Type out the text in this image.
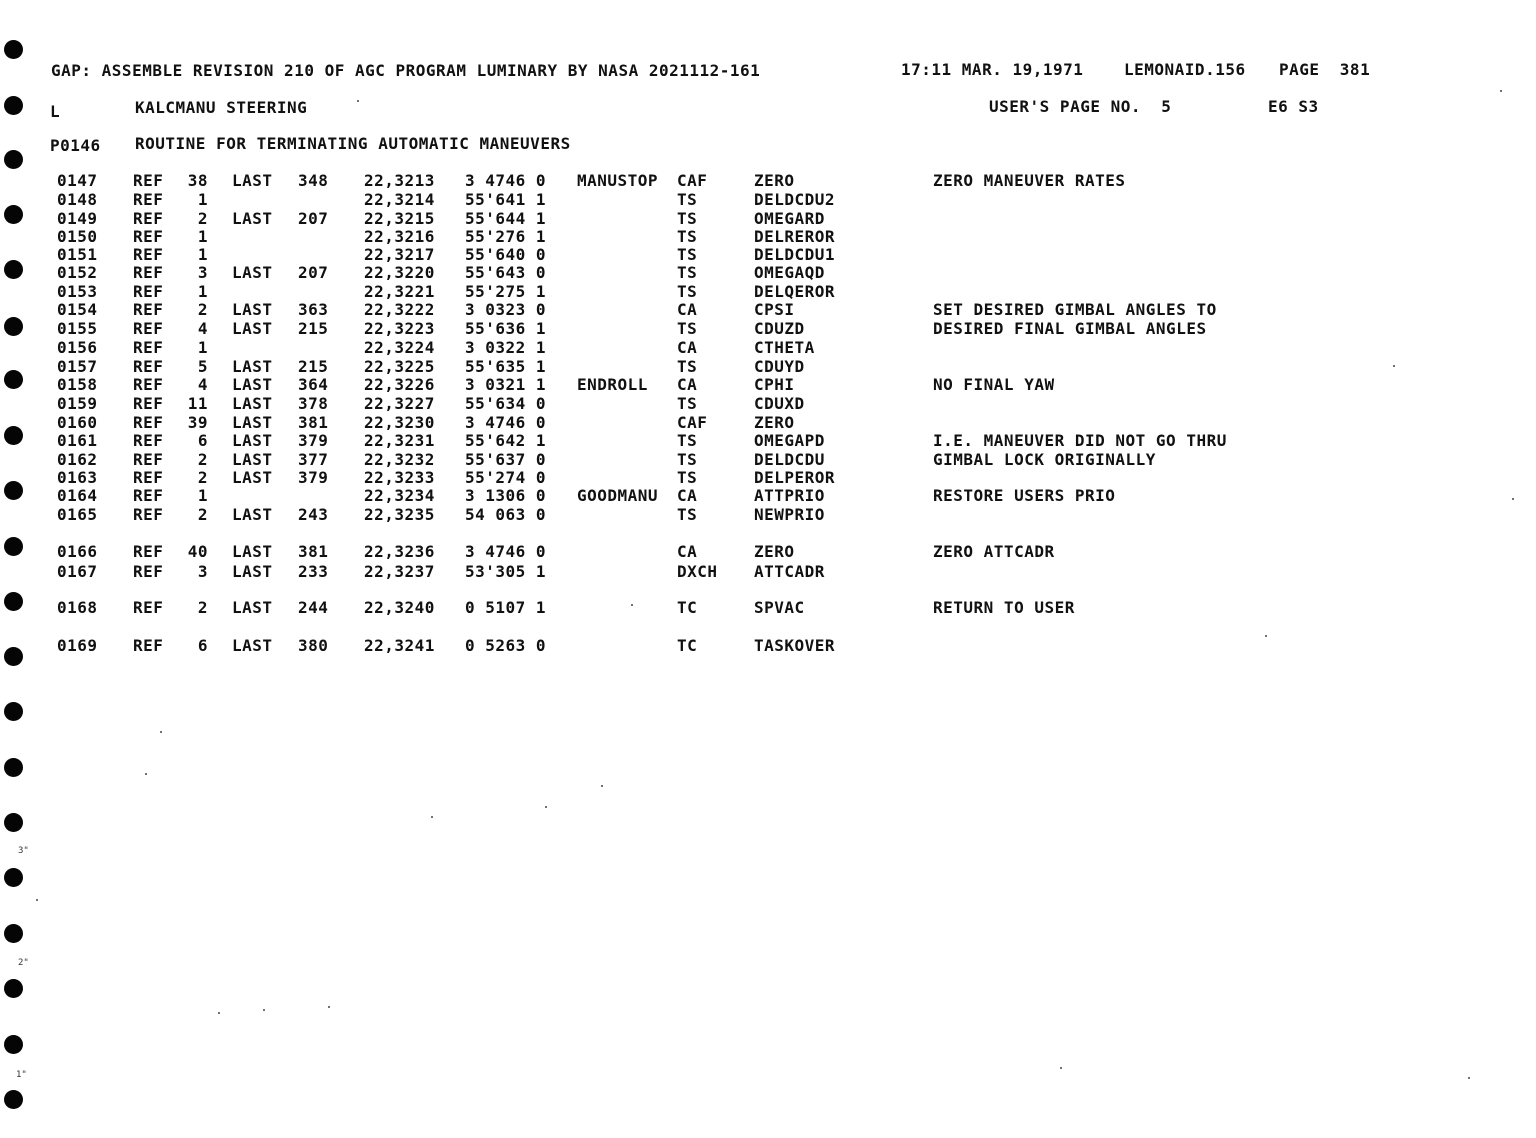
3"
2"
1"
GAP: ASSEMBLE REVISION 210 OF AGC PROGRAM LUMINARY BY NASA 2021112-161	17:11 MAR. 19,1971	LEMONAID.156 PAGE  381
L	KALCMANU STEERING	USER'S PAGE NO.  5	E6 S3
P0146 ROUTINE FOR TERMINATING AUTOMATIC MANEUVERS
0147 REF	38 LAST 348 22,3213 3 4746 0 MANUSTOP CAF	ZERO	ZERO MANEUVER RATES
0148 REF	1	22,3214 55'641 1	TS	DELDCDU2
0149 REF	2 LAST 207 22,3215 55'644 1	TS	OMEGARD
0150 REF	1	22,3216 55'276 1	TS	DELREROR
0151 REF	1	22,3217 55'640 0	TS	DELDCDU1
0152 REF	3 LAST 207 22,3220 55'643 0	TS	OMEGAQD
0153 REF	1	22,3221 55'275 1	TS	DELQEROR
0154 REF	2 LAST 363 22,3222 3 0323 0	CA	CPSI	SET DESIRED GIMBAL ANGLES TO
0155 REF	4 LAST 215 22,3223 55'636 1	TS	CDUZD	DESIRED FINAL GIMBAL ANGLES
0156 REF	1	22,3224 3 0322 1	CA	CTHETA
0157 REF	5 LAST 215 22,3225 55'635 1	TS	CDUYD
0158 REF	4 LAST 364 22,3226 3 0321 1 ENDROLL CA	CPHI	NO FINAL YAW
0159 REF	11 LAST 378 22,3227 55'634 0	TS	CDUXD
0160 REF	39 LAST 381 22,3230 3 4746 0	CAF	ZERO
0161 REF	6 LAST 379 22,3231 55'642 1	TS	OMEGAPD	I.E. MANEUVER DID NOT GO THRU
0162 REF	2 LAST 377 22,3232 55'637 0	TS	DELDCDU	GIMBAL LOCK ORIGINALLY
0163 REF	2 LAST 379 22,3233 55'274 0	TS	DELPEROR
0164 REF	1	22,3234 3 1306 0 GOODMANU CA	ATTPRIO	RESTORE USERS PRIO
0165 REF	2 LAST 243 22,3235 54 063 0	TS	NEWPRIO
0166 REF	40 LAST 381 22,3236 3 4746 0	CA	ZERO	ZERO ATTCADR
0167 REF	3 LAST 233 22,3237 53'305 1	DXCH ATTCADR
0168 REF	2 LAST 244 22,3240 0 5107 1	TC	SPVAC	RETURN TO USER
0169 REF	6 LAST 380 22,3241 0 5263 0	TC	TASKOVER
